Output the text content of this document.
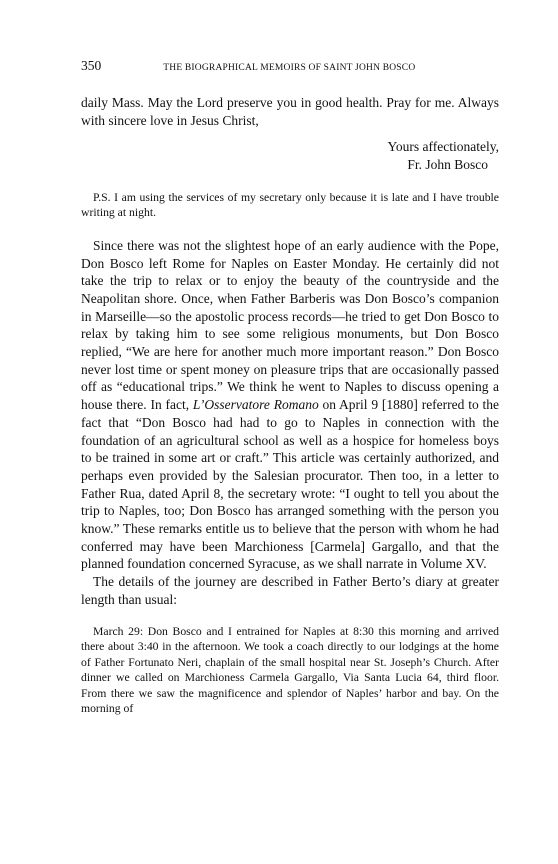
350	THE BIOGRAPHICAL MEMOIRS OF SAINT JOHN BOSCO

daily Mass. May the Lord preserve you in good health. Pray for me. Always with sincere love in Jesus Christ,

Yours affectionately,
Fr. John Bosco

P.S. I am using the services of my secretary only because it is late and I have trouble writing at night.

Since there was not the slightest hope of an early audience with the Pope, Don Bosco left Rome for Naples on Easter Monday. He certainly did not take the trip to relax or to enjoy the beauty of the countryside and the Neapolitan shore. Once, when Father Barberis was Don Bosco’s companion in Marseille—so the apostolic process records—he tried to get Don Bosco to relax by taking him to see some religious monuments, but Don Bosco replied, “We are here for another much more important reason.” Don Bosco never lost time or spent money on pleasure trips that are occasionally passed off as “educational trips.” We think he went to Naples to discuss opening a house there. In fact, L’Osservatore Romano on April 9 [1880] referred to the fact that “Don Bosco had had to go to Naples in connection with the foundation of an agricultural school as well as a hospice for homeless boys to be trained in some art or craft.” This article was certainly authorized, and perhaps even provided by the Salesian procurator. Then too, in a letter to Father Rua, dated April 8, the secretary wrote: “I ought to tell you about the trip to Naples, too; Don Bosco has arranged something with the person you know.” These remarks entitle us to believe that the person with whom he had conferred may have been Marchioness [Carmela] Gargallo, and that the planned foundation concerned Syracuse, as we shall narrate in Volume XV.

The details of the journey are described in Father Berto’s diary at greater length than usual:

March 29: Don Bosco and I entrained for Naples at 8:30 this morning and arrived there about 3:40 in the afternoon. We took a coach directly to our lodgings at the home of Father Fortunato Neri, chaplain of the small hospital near St. Joseph’s Church. After dinner we called on Marchioness Carmela Gargallo, Via Santa Lucia 64, third floor. From there we saw the magnificence and splendor of Naples’ harbor and bay. On the morning of
